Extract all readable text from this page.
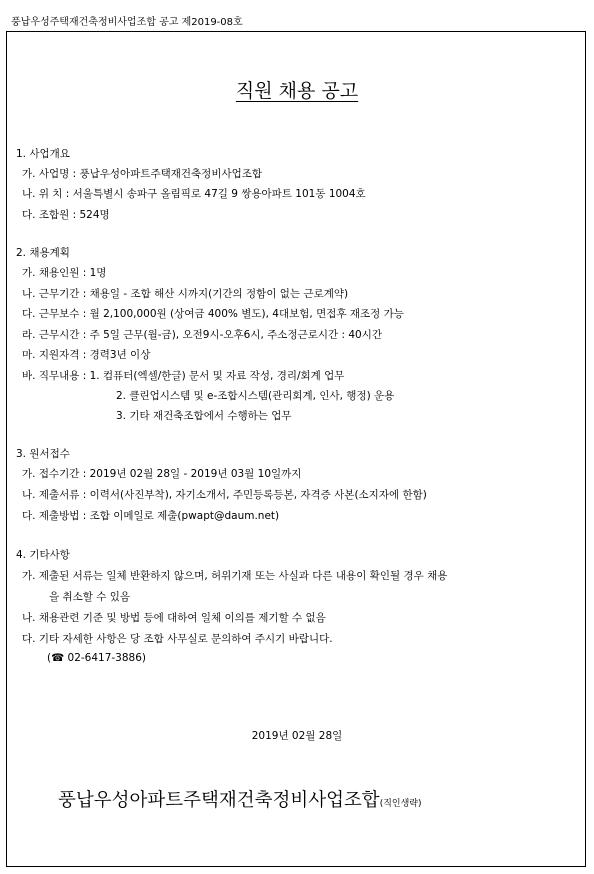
풍납우성주택재건축정비사업조합 공고 제2019-08호
직원 채용 공고
1. 사업개요
가. 사업명 : 풍납우성아파트주택재건축정비사업조합
나. 위 치 : 서울특별시 송파구 올림픽로 47길 9 쌍용아파트 101동 1004호
다. 조합원 : 524명
2. 채용계획
가. 채용인원 : 1명
나. 근무기간 : 채용일 - 조합 해산 시까지(기간의 정함이 없는 근로계약)
다. 근무보수 : 월 2,100,000원 (상여금 400% 별도), 4대보험, 면접후 재조정 가능
라. 근무시간 : 주 5일 근무(월-금), 오전9시-오후6시, 주소정근로시간 : 40시간
마. 지원자격 : 경력3년 이상
바. 직무내용 : 1. 컴퓨터(엑셀/한글) 문서 및 자료 작성, 경리/회계 업무
2. 클린업시스템 및 e-조합시스템(관리회계, 인사, 행정) 운용
3. 기타 재건축조합에서 수행하는 업무
3. 원서접수
가. 접수기간 : 2019년 02월 28일 - 2019년 03월 10일까지
나. 제출서류 : 이력서(사진부착), 자기소개서, 주민등록등본, 자격증 사본(소지자에 한함)
다. 제출방법 : 조합 이메일로 제출(pwapt@daum.net)
4. 기타사항
가. 제출된 서류는 일체 반환하지 않으며, 허위기재 또는 사실과 다른 내용이 확인될 경우 채용
을 취소할 수 있음
나. 채용관련 기준 및 방법 등에 대하여 일체 이의를 제기할 수 없음
다. 기타 자세한 사항은 당 조합 사무실로 문의하여 주시기 바랍니다.
(☎ 02-6417-3886)
2019년 02월 28일
풍납우성아파트주택재건축정비사업조합(직인생략)
